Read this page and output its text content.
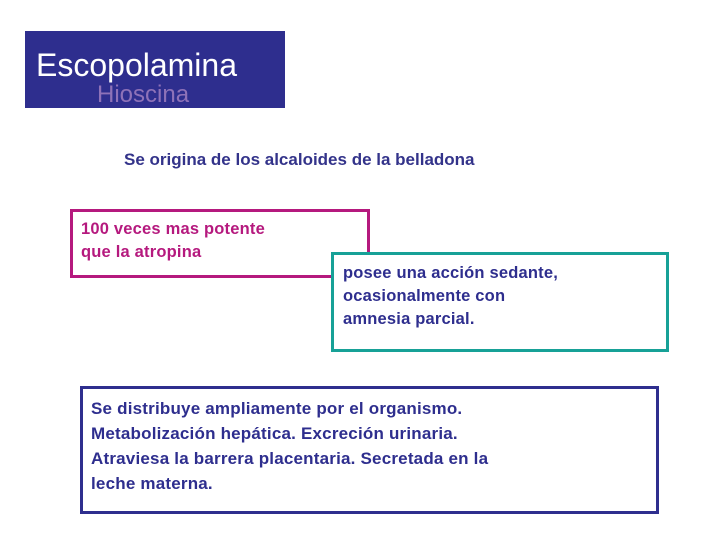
Hioscina
Escopolamina

Se origina de los alcaloides de la belladona

100 veces mas potente
que la atropina
posee una acción sedante,
ocasionalmente con
amnesia parcial.
Se distribuye ampliamente por el organismo.
Metabolización hepática. Excreción urinaria.
Atraviesa la barrera placentaria. Secretada en la
leche materna.
